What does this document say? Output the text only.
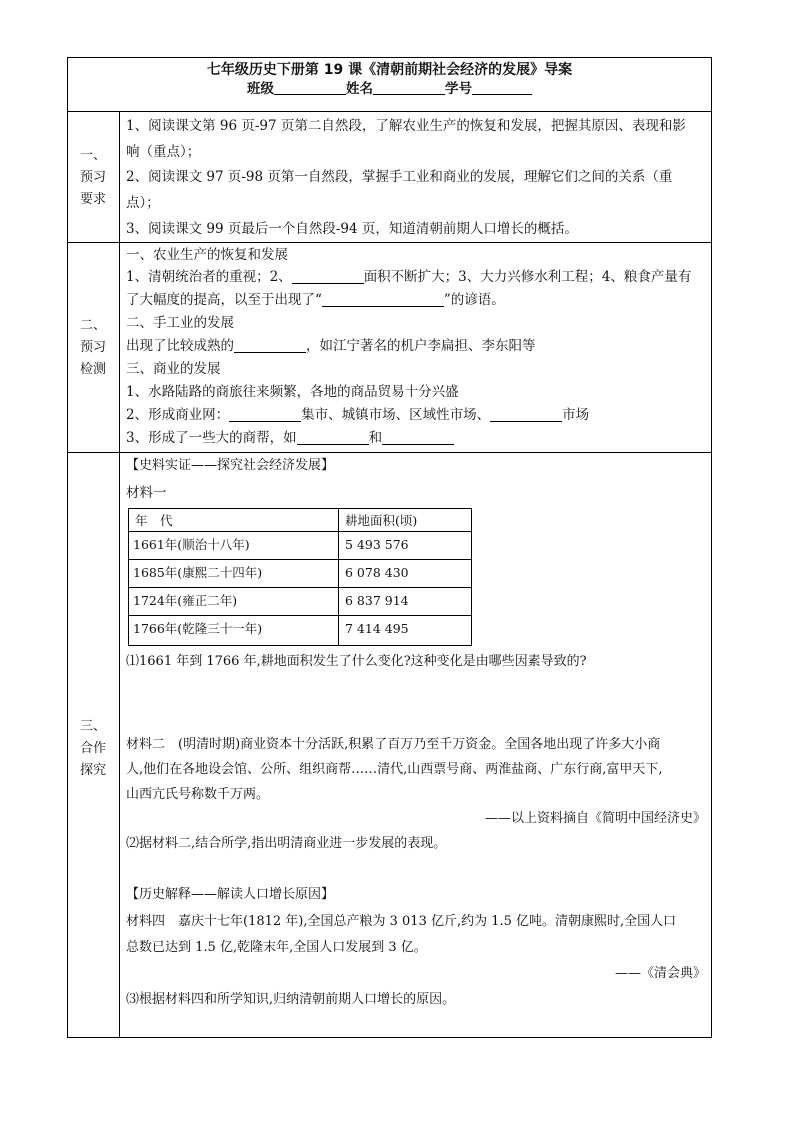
七年级历史下册第 19 课《清朝前期社会经济的发展》导案
班级	姓名	学号
一、
预习
要求
1、阅读课文第 96 页-97 页第二自然段，了解农业生产的恢复和发展，把握其原因、表现和影
响（重点）；
2、阅读课文 97 页-98 页第一自然段，掌握手工业和商业的发展，理解它们之间的关系（重
点）；
3、阅读课文 99 页最后一个自然段-94 页，知道清朝前期人口增长的概括。
二、
预习
检测
一、农业生产的恢复和发展
1、清朝统治者的重视；2、	面积不断扩大；3、大力兴修水利工程；4、粮食产量有
了大幅度的提高，以至于出现了“	”的谚语。
二、手工业的发展
出现了比较成熟的	，如江宁著名的机户李扁担、李东阳等
三、商业的发展
1、水路陆路的商旅往来频繁，各地的商品贸易十分兴盛
2、形成商业网：	集市、城镇市场、区域性市场、	市场
3、形成了一些大的商帮，如	和
三、
合作
探究
【史料实证——探究社会经济发展】
材料一
年　代	耕地面积(顷)
1661年(顺治十八年)	5 493 576
1685年(康熙二十四年)	6 078 430
1724年(雍正二年)	6 837 914
1766年(乾隆三十一年)	7 414 495
⑴1661 年到 1766 年,耕地面积发生了什么变化?这种变化是由哪些因素导致的?
材料二　(明清时期)商业资本十分活跃,积累了百万乃至千万资金。全国各地出现了许多大小商
人,他们在各地设会馆、公所、组织商帮……清代,山西票号商、两淮盐商、广东行商,富甲天下,
山西亢氏号称数千万两。
——以上资料摘自《简明中国经济史》
⑵据材料二,结合所学,指出明清商业进一步发展的表现。
【历史解释——解读人口增长原因】
材料四　嘉庆十七年(1812 年),全国总产粮为 3 013 亿斤,约为 1.5 亿吨。清朝康熙时,全国人口
总数已达到 1.5 亿,乾隆末年,全国人口发展到 3 亿。
——《清会典》
⑶根据材料四和所学知识,归纳清朝前期人口增长的原因。
